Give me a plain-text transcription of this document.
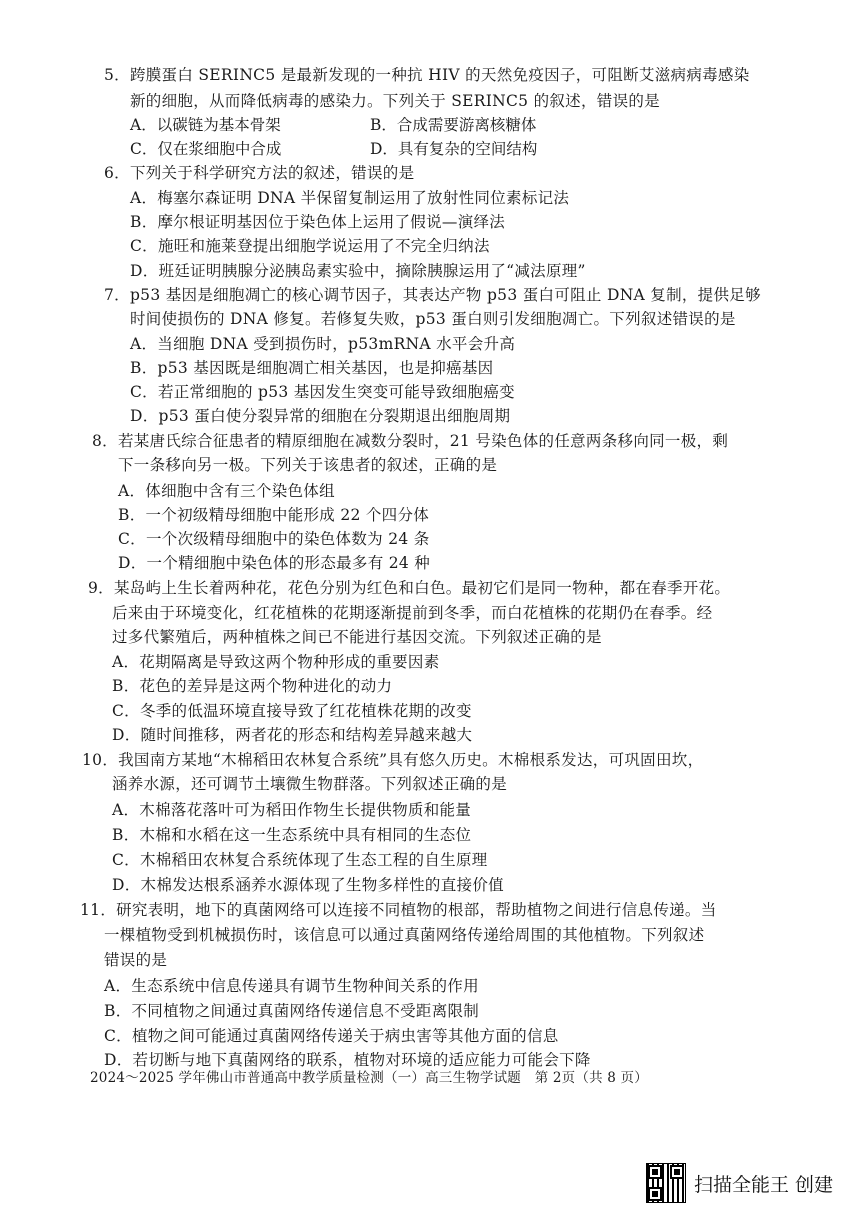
5．跨膜蛋白 SERINC5 是最新发现的一种抗 HIV 的天然免疫因子，可阻断艾滋病病毒感染
新的细胞，从而降低病毒的感染力。下列关于 SERINC5 的叙述，错误的是
A．以碳链为基本骨架	B．合成需要游离核糖体
C．仅在浆细胞中合成	D．具有复杂的空间结构
6．下列关于科学研究方法的叙述，错误的是
A．梅塞尔森证明 DNA 半保留复制运用了放射性同位素标记法
B．摩尔根证明基因位于染色体上运用了假说—演绎法
C．施旺和施莱登提出细胞学说运用了不完全归纳法
D．班廷证明胰腺分泌胰岛素实验中，摘除胰腺运用了“减法原理”
7．p53 基因是细胞凋亡的核心调节因子，其表达产物 p53 蛋白可阻止 DNA 复制，提供足够
时间使损伤的 DNA 修复。若修复失败，p53 蛋白则引发细胞凋亡。下列叙述错误的是
A．当细胞 DNA 受到损伤时，p53mRNA 水平会升高
B．p53 基因既是细胞凋亡相关基因，也是抑癌基因
C．若正常细胞的 p53 基因发生突变可能导致细胞癌变
D．p53 蛋白使分裂异常的细胞在分裂期退出细胞周期
8．若某唐氏综合征患者的精原细胞在减数分裂时，21 号染色体的任意两条移向同一极，剩
下一条移向另一极。下列关于该患者的叙述，正确的是
A．体细胞中含有三个染色体组
B．一个初级精母细胞中能形成 22 个四分体
C．一个次级精母细胞中的染色体数为 24 条
D．一个精细胞中染色体的形态最多有 24 种
9．某岛屿上生长着两种花，花色分别为红色和白色。最初它们是同一物种，都在春季开花。
后来由于环境变化，红花植株的花期逐渐提前到冬季，而白花植株的花期仍在春季。经
过多代繁殖后，两种植株之间已不能进行基因交流。下列叙述正确的是
A．花期隔离是导致这两个物种形成的重要因素
B．花色的差异是这两个物种进化的动力
C．冬季的低温环境直接导致了红花植株花期的改变
D．随时间推移，两者花的形态和结构差异越来越大
10．我国南方某地“木棉稻田农林复合系统”具有悠久历史。木棉根系发达，可巩固田坎，
涵养水源，还可调节土壤微生物群落。下列叙述正确的是
A．木棉落花落叶可为稻田作物生长提供物质和能量
B．木棉和水稻在这一生态系统中具有相同的生态位
C．木棉稻田农林复合系统体现了生态工程的自生原理
D．木棉发达根系涵养水源体现了生物多样性的直接价值
11．研究表明，地下的真菌网络可以连接不同植物的根部，帮助植物之间进行信息传递。当
一棵植物受到机械损伤时，该信息可以通过真菌网络传递给周围的其他植物。下列叙述
错误的是
A．生态系统中信息传递具有调节生物种间关系的作用
B．不同植物之间通过真菌网络传递信息不受距离限制
C．植物之间可能通过真菌网络传递关于病虫害等其他方面的信息
D．若切断与地下真菌网络的联系，植物对环境的适应能力可能会下降
2024～2025 学年佛山市普通高中教学质量检测（一）高三生物学试题　第 2页（共 8 页）
扫描全能王 创建
